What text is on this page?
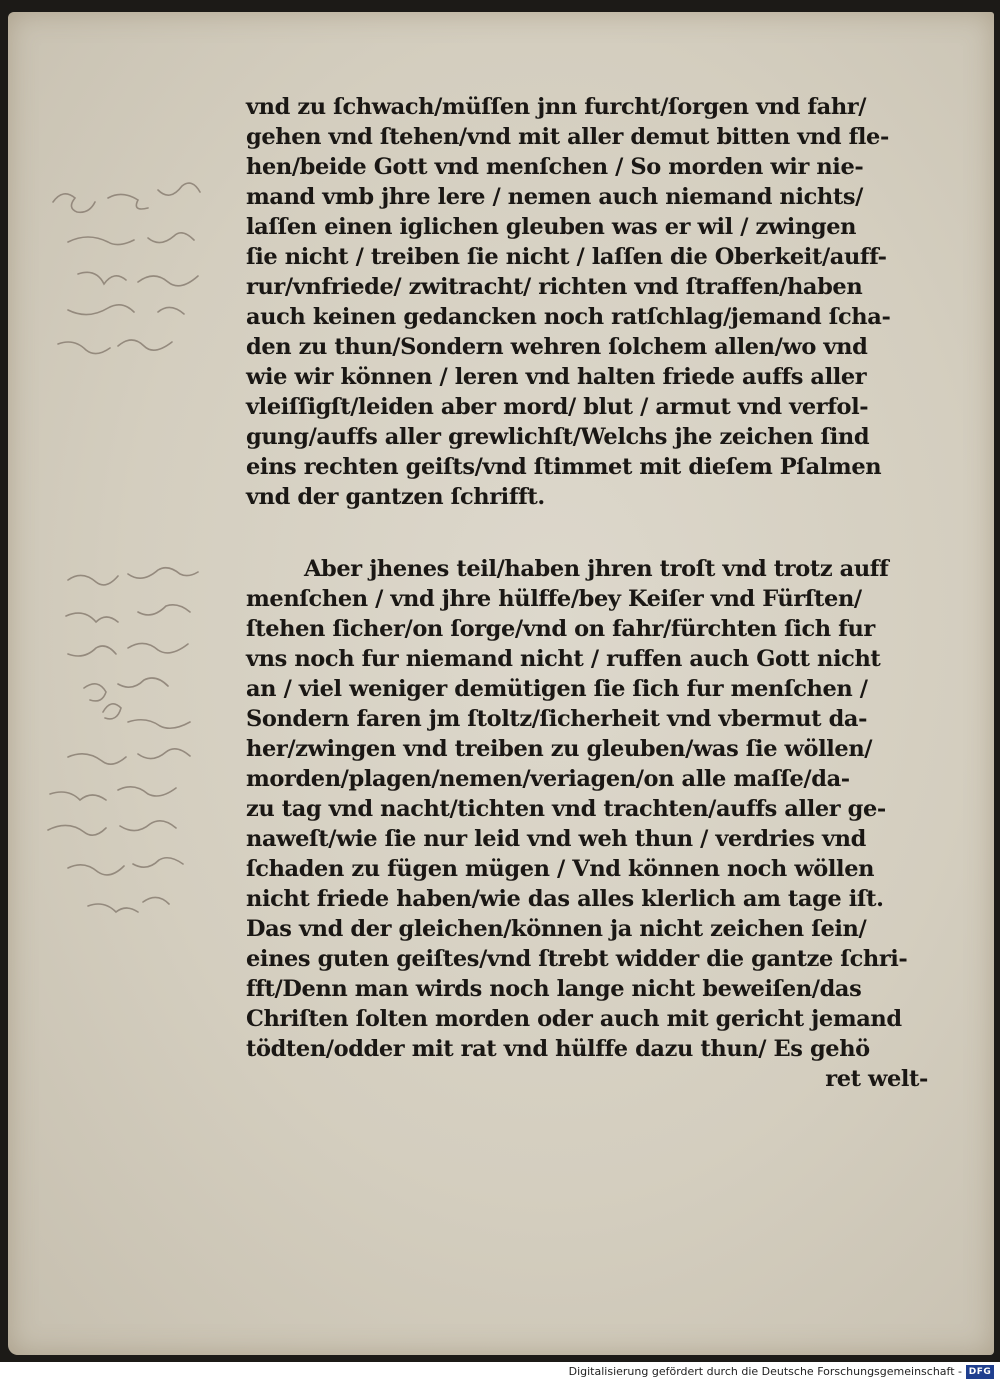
vnd zu ſchwach/müſſen jnn furcht/ſorgen vnd fahr/
gehen vnd ſtehen/vnd mit aller demut bitten vnd fle-
hen/beide Gott vnd menſchen / So morden wir nie-
mand vmb jhre lere / nemen auch niemand nichts/
laſſen einen iglichen gleuben was er wil / zwingen
ſie nicht / treiben ſie nicht / laſſen die Oberkeit/auff-
rur/vnfriede/ zwitracht/ richten vnd ſtraffen/haben
auch keinen gedancken noch ratſchlag/jemand ſcha-
den zu thun/Sondern wehren ſolchem allen/wo vnd
wie wir können / leren vnd halten friede auffs aller
vleiſſigſt/leiden aber mord/ blut / armut vnd verfol-
gung/auffs aller grewlichſt/Welchs jhe zeichen ſind
eins rechten geiſts/vnd ſtimmet mit dieſem Pſalmen
vnd der gantzen ſchrifft.
Aber jhenes teil/haben jhren troſt vnd trotz auff
menſchen / vnd jhre hülffe/bey Keiſer vnd Fürſten/
ſtehen ſicher/on ſorge/vnd on fahr/fürchten ſich fur
vns noch fur niemand nicht / ruffen auch Gott nicht
an / viel weniger demütigen ſie ſich fur menſchen /
Sondern faren jm ſtoltz/ſicherheit vnd vbermut da-
her/zwingen vnd treiben zu gleuben/was ſie wöllen/
morden/plagen/nemen/veriagen/on alle maſſe/da-
zu tag vnd nacht/tichten vnd trachten/auffs aller ge-
naweſt/wie ſie nur leid vnd weh thun / verdries vnd
ſchaden zu fügen mügen / Vnd können noch wöllen
nicht friede haben/wie das alles klerlich am tage iſt.
Das vnd der gleichen/können ja nicht zeichen ſein/
eines guten geiſtes/vnd ſtrebt widder die gantze ſchri-
fft/Denn man wirds noch lange nicht beweiſen/das
Chriſten ſolten morden oder auch mit gericht jemand
tödten/odder mit rat vnd hülffe dazu thun/ Es gehö
ret welt-
Digitalisierung gefördert durch die Deutsche Forschungsgemeinschaft - DFG
